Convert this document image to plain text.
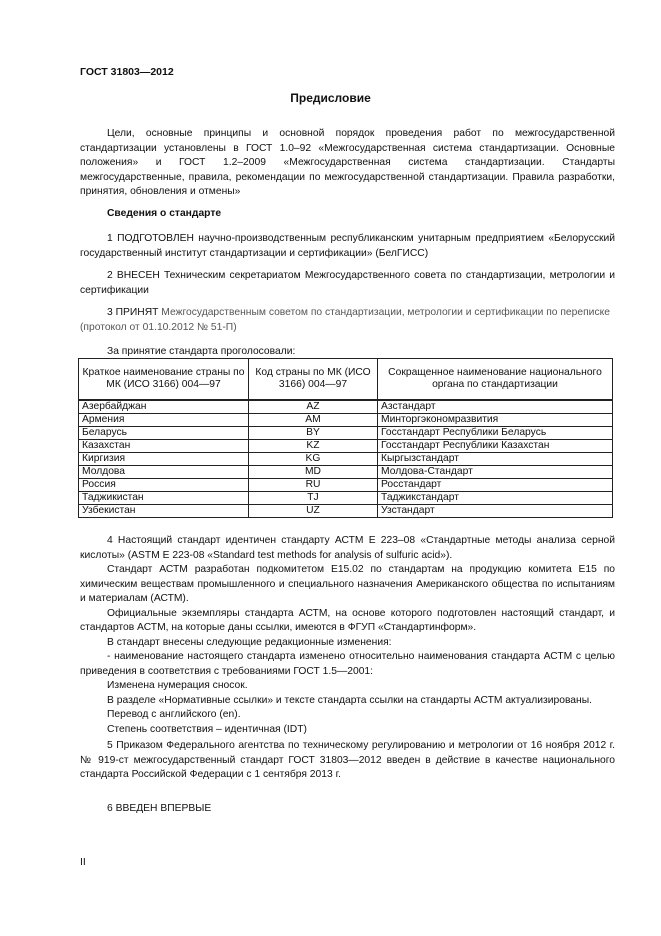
ГОСТ 31803—2012
Предисловие
Цели, основные принципы и основной порядок проведения работ по межгосударственной стандартизации установлены в ГОСТ 1.0–92 «Межгосударственная система стандартизации. Основные положения» и ГОСТ 1.2–2009 «Межгосударственная система стандартизации. Стандарты межгосударственные, правила, рекомендации по межгосударственной стандартизации. Правила разработки, принятия, обновления и отмены»
Сведения о стандарте
1 ПОДГОТОВЛЕН научно-производственным республиканским унитарным предприятием «Белорусский государственный институт стандартизации и сертификации» (БелГИСС)
2 ВНЕСЕН Техническим секретариатом Межгосударственного совета по стандартизации, метрологии и сертификации
3 ПРИНЯТ Межгосударственным советом по стандартизации, метрологии и сертификации по переписке (протокол от 01.10.2012 № 51-П)
За принятие стандарта проголосовали:
Краткое наименование страны по МК (ИСО 3166) 004—97	Код страны по МК (ИСО 3166) 004—97	Сокращенное наименование национального органа по стандартизации
Азербайджан	AZ	Азстандарт
Армения	AM	Минторгэкономразвития
Беларусь	BY	Госстандарт Республики Беларусь
Казахстан	KZ	Госстандарт Республики Казахстан
Киргизия	KG	Кыргызстандарт
Молдова	MD	Молдова-Стандарт
Россия	RU	Росстандарт
Таджикистан	TJ	Таджикстандарт
Узбекистан	UZ	Узстандарт
4 Настоящий стандарт идентичен стандарту АСТМ Е 223–08 «Стандартные методы анализа серной кислоты» (ASTM E 223-08 «Standard test methods for analysis of sulfuric acid»).
Стандарт АСТМ разработан подкомитетом Е15.02 по стандартам на продукцию комитета Е15 по химическим веществам промышленного и специального назначения Американского общества по испытаниям и материалам (АСТМ).
Официальные экземпляры стандарта АСТМ, на основе которого подготовлен настоящий стандарт, и стандартов АСТМ, на которые даны ссылки, имеются в ФГУП «Стандартинформ».
В стандарт внесены следующие редакционные изменения:
- наименование настоящего стандарта изменено относительно наименования стандарта АСТМ с целью приведения в соответствия с требованиями ГОСТ 1.5—2001:
Изменена нумерация сносок.
В разделе «Нормативные ссылки» и тексте стандарта ссылки на стандарты АСТМ актуализированы.
Перевод с английского (en).
Степень соответствия – идентичная (IDT)
5 Приказом Федерального агентства по техническому регулированию и метрологии от 16 ноября 2012 г. № 919-ст межгосударственный стандарт ГОСТ 31803—2012 введен в действие в качестве национального стандарта Российской Федерации с 1 сентября 2013 г.
6 ВВЕДЕН ВПЕРВЫЕ
II
